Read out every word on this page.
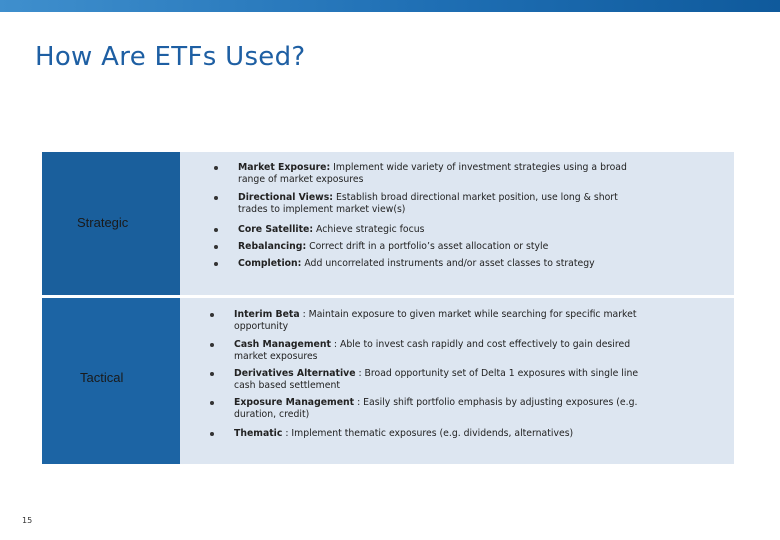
How Are ETFs Used?
Strategic
Market Exposure: Implement wide variety of investment strategies using a broad range of market exposures
Directional Views: Establish broad directional market position, use long & short trades to implement market view(s)
Core Satellite: Achieve strategic focus
Rebalancing: Correct drift in a portfolio’s asset allocation or style
Completion: Add uncorrelated instruments and/or asset classes to strategy
Tactical
Interim Beta : Maintain exposure to given market while searching for specific market opportunity
Cash Management : Able to invest cash rapidly and cost effectively to gain desired market exposures
Derivatives Alternative : Broad opportunity set of Delta 1 exposures with single line cash based settlement
Exposure Management : Easily shift portfolio emphasis by adjusting exposures (e.g. duration, credit)
Thematic : Implement thematic exposures (e.g. dividends, alternatives)
15
